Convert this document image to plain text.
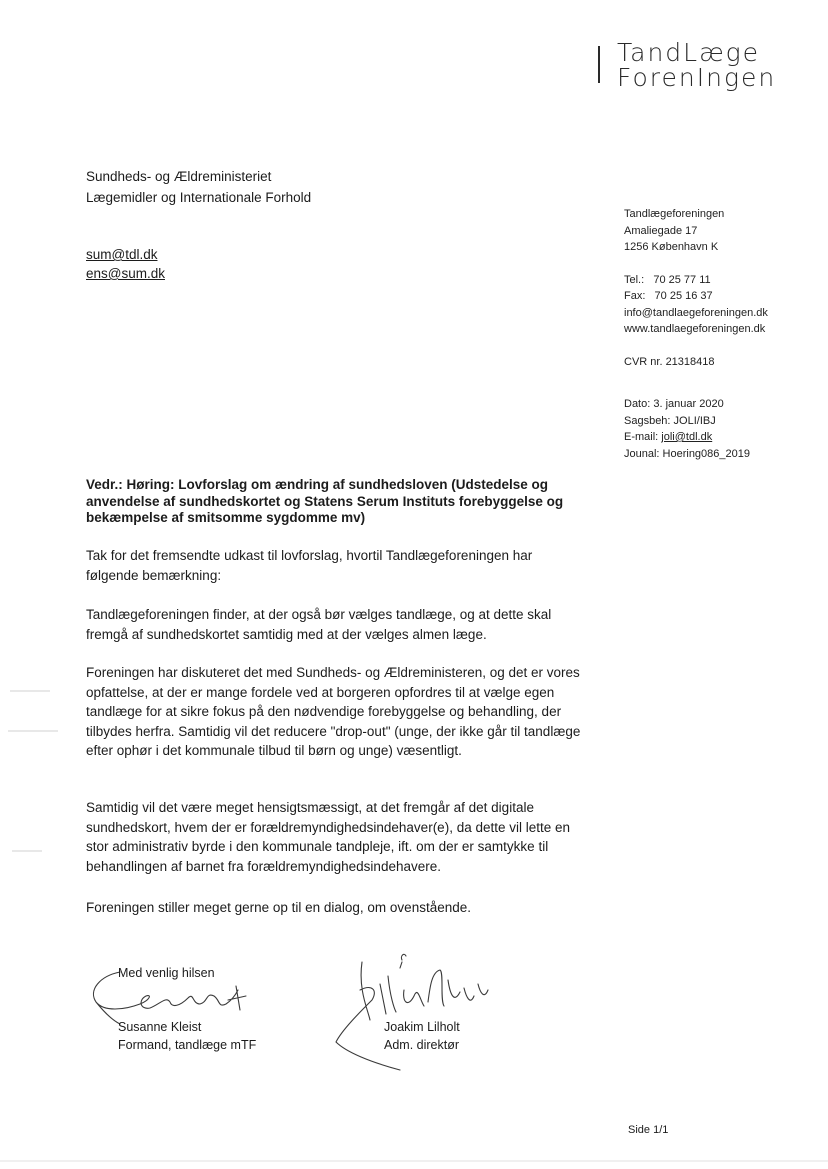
TandLæge
ForenIngen
Sundheds- og Ældreministeriet
Lægemidler og Internationale Forhold
sum@tdl.dk
ens@sum.dk
Tandlægeforeningen
Amaliegade 17
1256 København K
Tel.:   70 25 77 11
Fax:   70 25 16 37
info@tandlaegeforeningen.dk
www.tandlaegeforeningen.dk
CVR nr. 21318418
Dato: 3. januar 2020
Sagsbeh: JOLI/IBJ
E-mail: joli@tdl.dk
Jounal: Hoering086_2019
Vedr.: Høring: Lovforslag om ændring af sundhedsloven (Udstedelse og anvendelse af sundhedskortet og Statens Serum Instituts forebyggelse og bekæmpelse af smitsomme sygdomme mv)
Tak for det fremsendte udkast til lovforslag, hvortil Tandlægeforeningen har følgende bemærkning:
Tandlægeforeningen finder, at der også bør vælges tandlæge, og at dette skal fremgå af sundhedskortet samtidig med at der vælges almen læge.
Foreningen har diskuteret det med Sundheds- og Ældreministeren, og det er vores opfattelse, at der er mange fordele ved at borgeren opfordres til at vælge egen tandlæge for at sikre fokus på den nødvendige forebyggelse og behandling, der tilbydes herfra. Samtidig vil det reducere "drop-out" (unge, der ikke går til tandlæge efter ophør i det kommunale tilbud til børn og unge) væsentligt.
Samtidig vil det være meget hensigtsmæssigt, at det fremgår af det digitale sundhedskort, hvem der er forældremyndighedsindehaver(e), da dette vil lette en stor administrativ byrde i den kommunale tandpleje, ift. om der er samtykke til behandlingen af barnet fra forældremyndighedsindehavere.
Foreningen stiller meget gerne op til en dialog, om ovenstående.
Med venlig hilsen
Susanne Kleist
Formand, tandlæge mTF
Joakim Lilholt
Adm. direktør
Side 1/1
